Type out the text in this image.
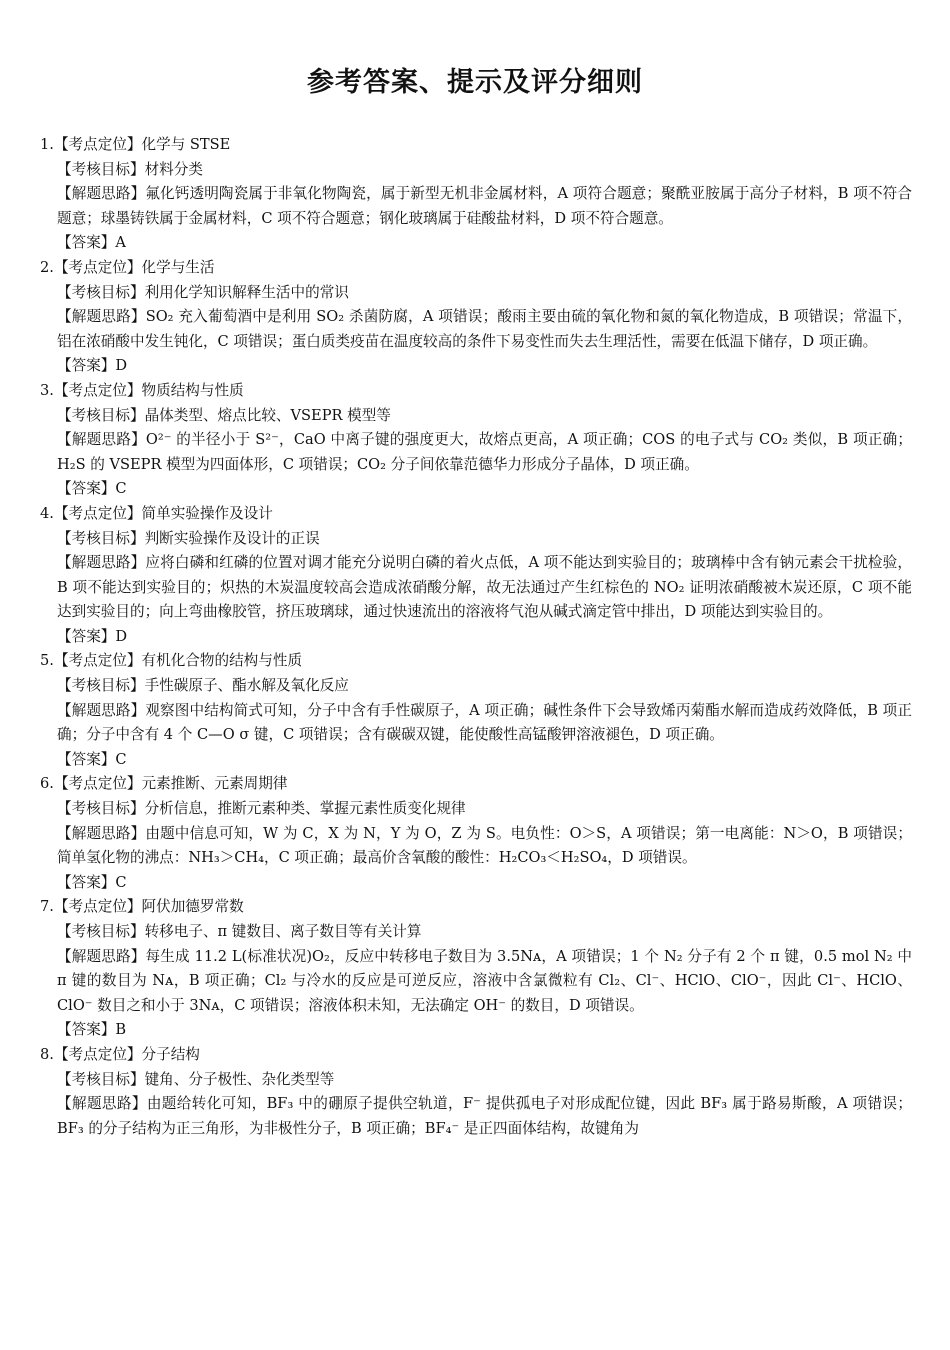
参考答案、提示及评分细则

1.【考点定位】化学与 STSE

【考核目标】材料分类

【解题思路】氟化钙透明陶瓷属于非氧化物陶瓷，属于新型无机非金属材料，A 项符合题意；聚酰亚胺属于高分子材料，B 项不符合题意；球墨铸铁属于金属材料，C 项不符合题意；钢化玻璃属于硅酸盐材料，D 项不符合题意。

【答案】A

2.【考点定位】化学与生活

【考核目标】利用化学知识解释生活中的常识

【解题思路】SO₂ 充入葡萄酒中是利用 SO₂ 杀菌防腐，A 项错误；酸雨主要由硫的氧化物和氮的氧化物造成，B 项错误；常温下，铝在浓硝酸中发生钝化，C 项错误；蛋白质类疫苗在温度较高的条件下易变性而失去生理活性，需要在低温下储存，D 项正确。

【答案】D

3.【考点定位】物质结构与性质

【考核目标】晶体类型、熔点比较、VSEPR 模型等

【解题思路】O²⁻ 的半径小于 S²⁻，CaO 中离子键的强度更大，故熔点更高，A 项正确；COS 的电子式与 CO₂ 类似，B 项正确；H₂S 的 VSEPR 模型为四面体形，C 项错误；CO₂ 分子间依靠范德华力形成分子晶体，D 项正确。

【答案】C

4.【考点定位】简单实验操作及设计

【考核目标】判断实验操作及设计的正误

【解题思路】应将白磷和红磷的位置对调才能充分说明白磷的着火点低，A 项不能达到实验目的；玻璃棒中含有钠元素会干扰检验，B 项不能达到实验目的；炽热的木炭温度较高会造成浓硝酸分解，故无法通过产生红棕色的 NO₂ 证明浓硝酸被木炭还原，C 项不能达到实验目的；向上弯曲橡胶管，挤压玻璃球，通过快速流出的溶液将气泡从碱式滴定管中排出，D 项能达到实验目的。

【答案】D

5.【考点定位】有机化合物的结构与性质

【考核目标】手性碳原子、酯水解及氧化反应

【解题思路】观察图中结构简式可知，分子中含有手性碳原子，A 项正确；碱性条件下会导致烯丙菊酯水解而造成药效降低，B 项正确；分子中含有 4 个 C—O σ 键，C 项错误；含有碳碳双键，能使酸性高锰酸钾溶液褪色，D 项正确。

【答案】C

6.【考点定位】元素推断、元素周期律

【考核目标】分析信息，推断元素种类、掌握元素性质变化规律

【解题思路】由题中信息可知，W 为 C，X 为 N，Y 为 O，Z 为 S。电负性：O＞S，A 项错误；第一电离能：N＞O，B 项错误；简单氢化物的沸点：NH₃＞CH₄，C 项正确；最高价含氧酸的酸性：H₂CO₃＜H₂SO₄，D 项错误。

【答案】C

7.【考点定位】阿伏加德罗常数

【考核目标】转移电子、π 键数目、离子数目等有关计算

【解题思路】每生成 11.2 L(标准状况)O₂，反应中转移电子数目为 3.5Nᴀ，A 项错误；1 个 N₂ 分子有 2 个 π 键，0.5 mol N₂ 中 π 键的数目为 Nᴀ，B 项正确；Cl₂ 与冷水的反应是可逆反应，溶液中含氯微粒有 Cl₂、Cl⁻、HClO、ClO⁻，因此 Cl⁻、HClO、ClO⁻ 数目之和小于 3Nᴀ，C 项错误；溶液体积未知，无法确定 OH⁻ 的数目，D 项错误。

【答案】B

8.【考点定位】分子结构

【考核目标】键角、分子极性、杂化类型等

【解题思路】由题给转化可知，BF₃ 中的硼原子提供空轨道，F⁻ 提供孤电子对形成配位键，因此 BF₃ 属于路易斯酸，A 项错误；BF₃ 的分子结构为正三角形，为非极性分子，B 项正确；BF₄⁻ 是正四面体结构，故键角为
